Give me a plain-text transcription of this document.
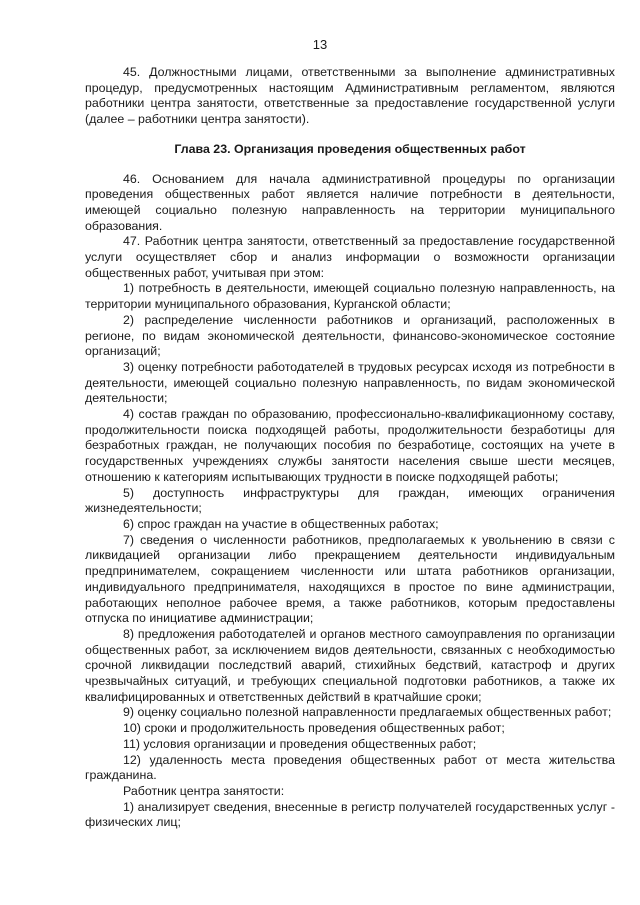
13

45. Должностными лицами, ответственными за выполнение административных процедур, предусмотренных настоящим Административным регламентом, являются работники центра занятости, ответственные за предоставление государственной услуги (далее – работники центра занятости).

Глава 23. Организация проведения общественных работ

46. Основанием для начала административной процедуры по организации проведения общественных работ является наличие потребности в деятельности, имеющей социально полезную направленность на территории муниципального образования.

47. Работник центра занятости, ответственный за предоставление государственной услуги осуществляет сбор и анализ информации о возможности организации общественных работ, учитывая при этом:

1) потребность в деятельности, имеющей социально полезную направленность, на территории муниципального образования, Курганской области;

2) распределение численности работников и организаций, расположенных в регионе, по видам экономической деятельности, финансово-экономическое состояние организаций;

3) оценку потребности работодателей в трудовых ресурсах исходя из потребности в деятельности, имеющей социально полезную направленность, по видам экономической деятельности;

4) состав граждан по образованию, профессионально-квалификационному составу, продолжительности поиска подходящей работы, продолжительности безработицы для безработных граждан, не получающих пособия по безработице, состоящих на учете в государственных учреждениях службы занятости населения свыше шести месяцев, отношению к категориям испытывающих трудности в поиске подходящей работы;

5) доступность инфраструктуры для граждан, имеющих ограничения жизнедеятельности;

6) спрос граждан на участие в общественных работах;

7) сведения о численности работников, предполагаемых к увольнению в связи с ликвидацией организации либо прекращением деятельности индивидуальным предпринимателем, сокращением численности или штата работников организации, индивидуального предпринимателя, находящихся в простое по вине администрации, работающих неполное рабочее время, а также работников, которым предоставлены отпуска по инициативе администрации;

8) предложения работодателей и органов местного самоуправления по организации общественных работ, за исключением видов деятельности, связанных с необходимостью срочной ликвидации последствий аварий, стихийных бедствий, катастроф и других чрезвычайных ситуаций, и требующих специальной подготовки работников, а также их квалифицированных и ответственных действий в кратчайшие сроки;

9) оценку социально полезной направленности предлагаемых общественных работ;

10) сроки и продолжительность проведения общественных работ;

11) условия организации и проведения общественных работ;

12) удаленность места проведения общественных работ от места жительства гражданина.

Работник центра занятости:

1) анализирует сведения, внесенные в регистр получателей государственных услуг - физических лиц;
